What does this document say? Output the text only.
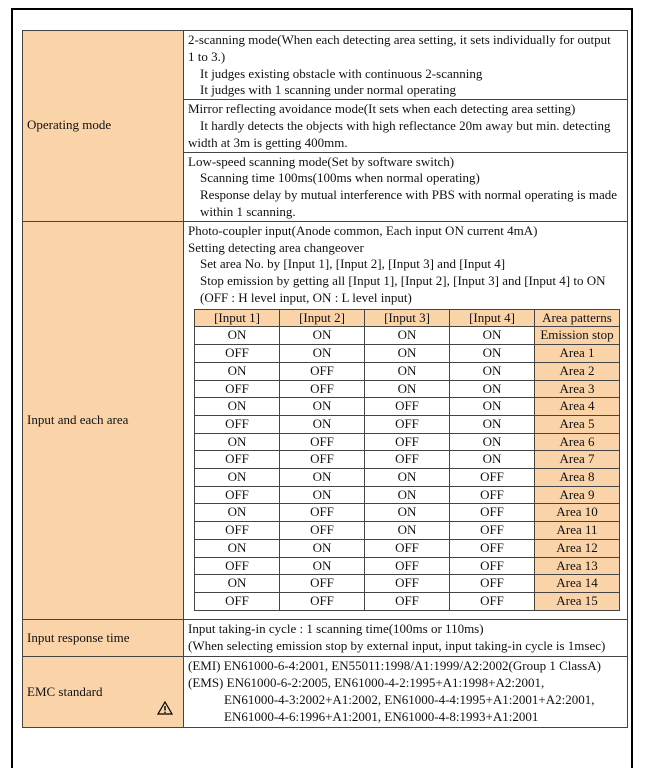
Operating mode	
2-scanning mode(When each detecting area setting, it sets individually for output
1 to 3.)
It judges existing obstacle with continuous 2-scanning
It judges with 1 scanning under normal operating
Mirror reflecting avoidance mode(It sets when each detecting area setting)
It hardly detects the objects with high reflectance 20m away but min. detecting
width at 3m is getting 400mm.
Low-speed scanning mode(Set by software switch)
Scanning time 100ms(100ms when normal operating)
Response delay by mutual interference with PBS with normal operating is made
within 1 scanning.

Input and each area	
Photo-coupler input(Anode common, Each input ON current 4mA)
Setting detecting area changeover
Set area No. by [Input 1], [Input 2], [Input 3] and [Input 4]
Stop emission by getting all [Input 1], [Input 2], [Input 3] and [Input 4] to ON
(OFF : H level input, ON : L level input)
[Input 1]	[Input 2]	[Input 3]	[Input 4]	Area patterns
ON	ON	ON	ON	Emission stop
OFF	ON	ON	ON	Area 1
ON	OFF	ON	ON	Area 2
OFF	OFF	ON	ON	Area 3
ON	ON	OFF	ON	Area 4
OFF	ON	OFF	ON	Area 5
ON	OFF	OFF	ON	Area 6
OFF	OFF	OFF	ON	Area 7
ON	ON	ON	OFF	Area 8
OFF	ON	ON	OFF	Area 9
ON	OFF	ON	OFF	Area 10
OFF	OFF	ON	OFF	Area 11
ON	ON	OFF	OFF	Area 12
OFF	ON	OFF	OFF	Area 13
ON	OFF	OFF	OFF	Area 14
OFF	OFF	OFF	OFF	Area 15

Input response time	
Input taking-in cycle : 1 scanning time(100ms or 110ms)
(When selecting emission stop by external input, input taking-in cycle is 1msec)

EMC standard

(EMI) EN61000-6-4:2001, EN55011:1998/A1:1999/A2:2002(Group 1 ClassA)
(EMS) EN61000-6-2:2005, EN61000-4-2:1995+A1:1998+A2:2001,
EN61000-4-3:2002+A1:2002, EN61000-4-4:1995+A1:2001+A2:2001,
EN61000-4-6:1996+A1:2001, EN61000-4-8:1993+A1:2001
